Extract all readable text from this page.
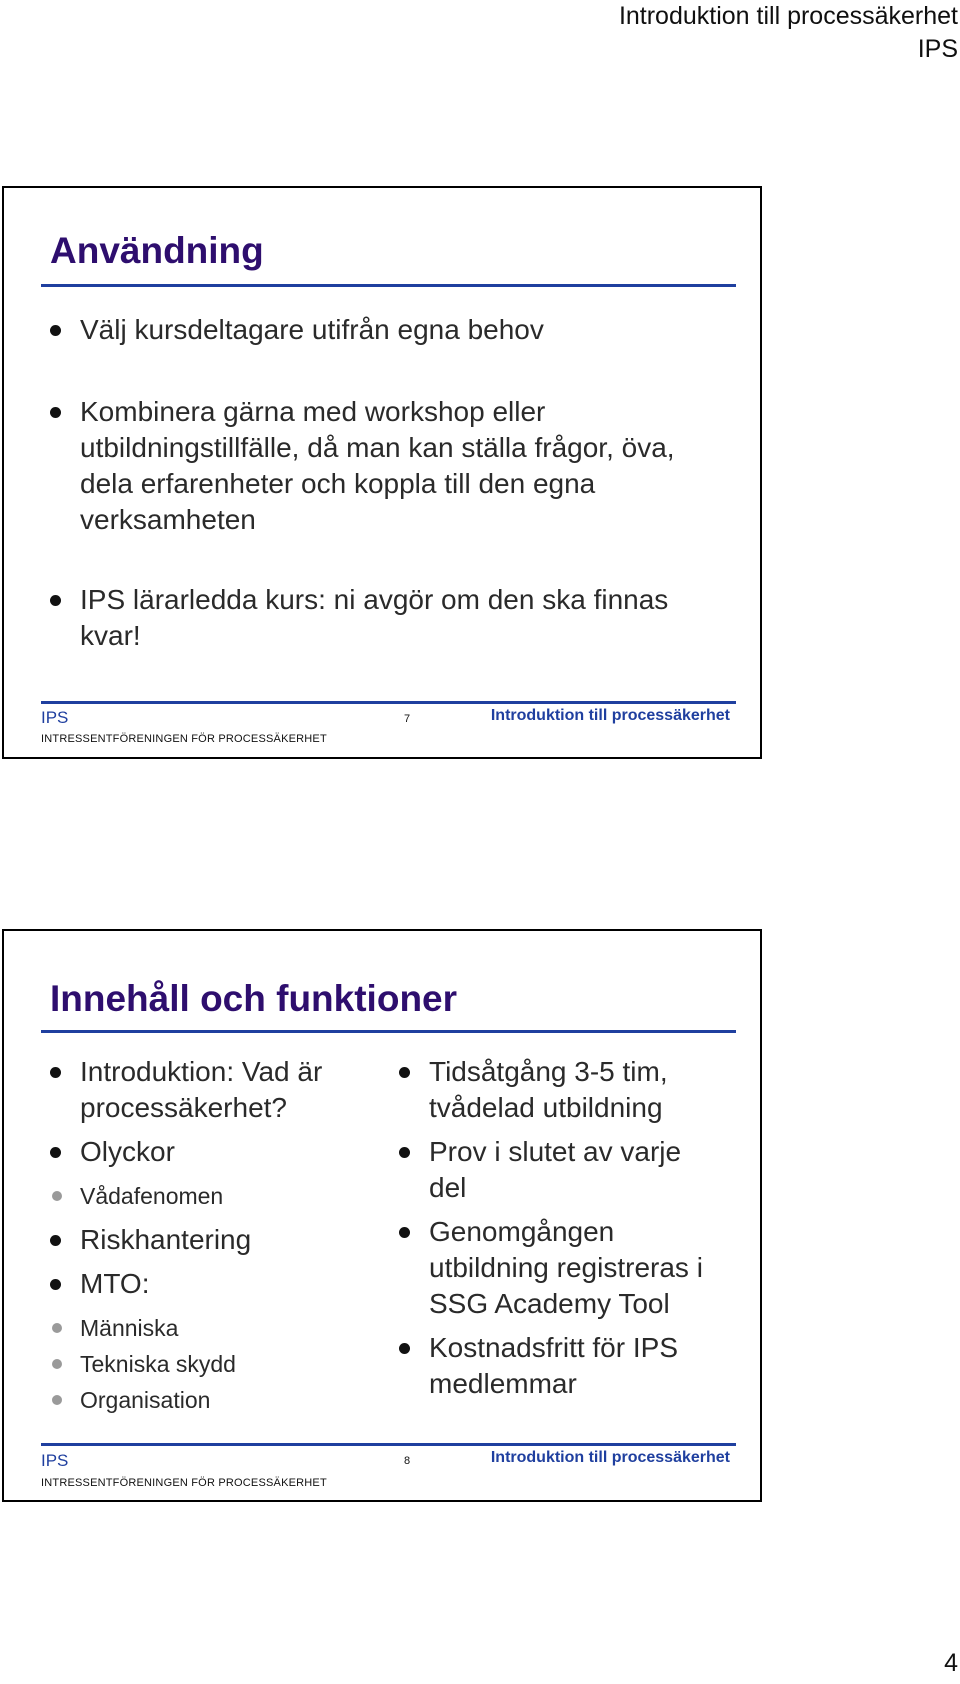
Introduktion till processäkerhet
IPS
Användning
Välj kursdeltagare utifrån egna behov
Kombinera gärna med workshop eller utbildningstillfälle, då man kan ställa frågor, öva, dela erfarenheter och koppla till den egna verksamheten
IPS lärarledda kurs: ni avgör om den ska finnas kvar!
IPS
INTRESSENTFÖRENINGEN FÖR PROCESSÄKERHET
7	Introduktion till processäkerhet
Innehåll och funktioner
Introduktion: Vad är processäkerhet?
Olyckor
Vådafenomen
Riskhantering
MTO:
Människa
Tekniska skydd
Organisation
Tidsåtgång 3-5 tim, tvådelad utbildning
Prov i slutet av varje del
Genomgången utbildning registreras i SSG Academy Tool
Kostnadsfritt för IPS medlemmar
IPS
INTRESSENTFÖRENINGEN FÖR PROCESSÄKERHET
8	Introduktion till processäkerhet
4
